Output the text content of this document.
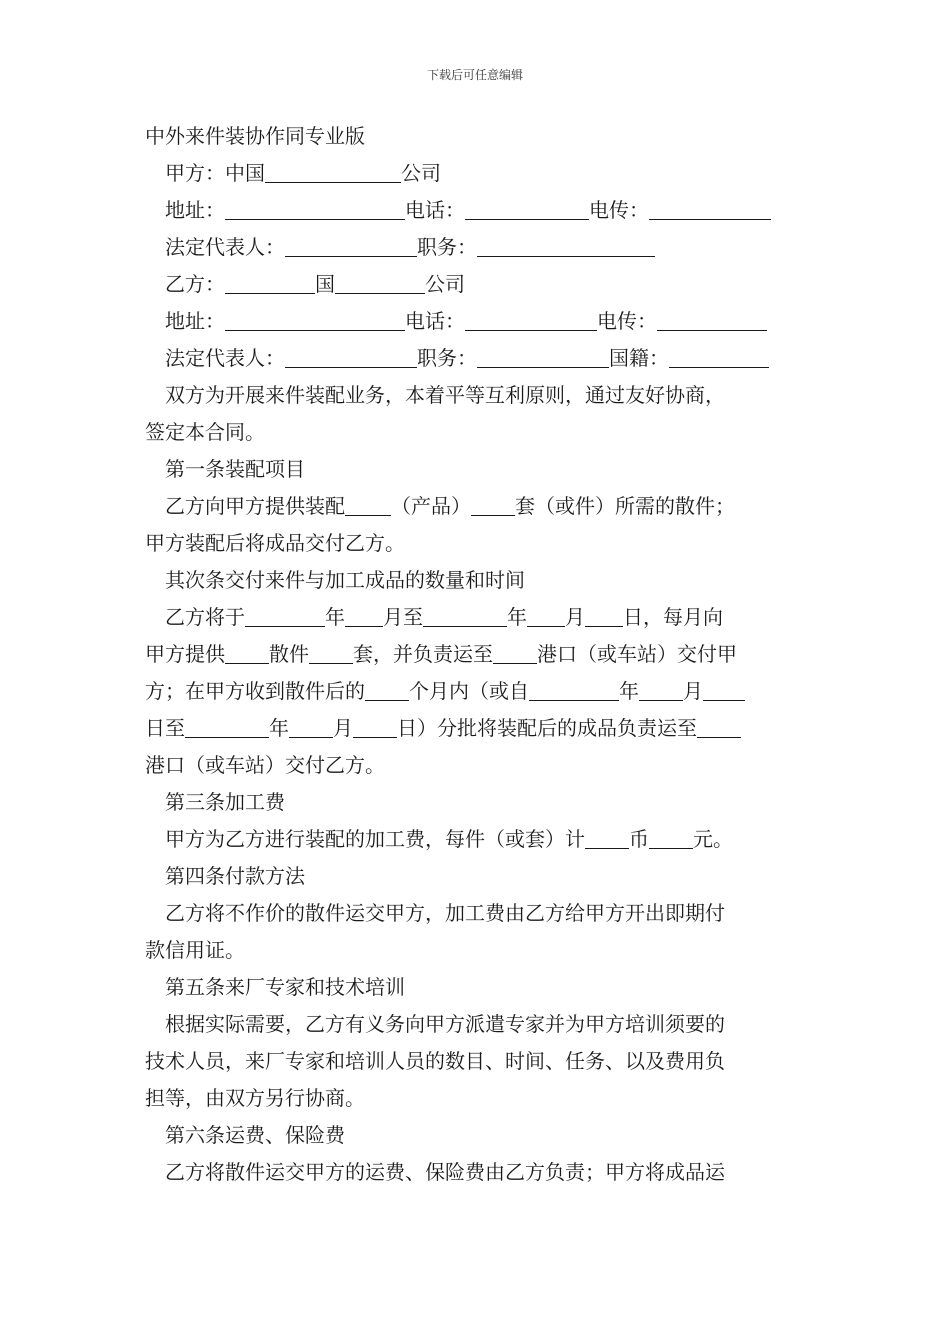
下载后可任意编辑
中外来件装协作同专业版
甲方：中国	公司
地址：	电话：	电传：
法定代表人：	职务：
乙方：	国	公司
地址：	电话：	电传：
法定代表人：	职务：	国籍：
双方为开展来件装配业务，本着平等互利原则，通过友好协商，
签定本合同。
第一条装配项目
乙方向甲方提供装配 （产品） 套（或件）所需的散件；
甲方装配后将成品交付乙方。
其次条交付来件与加工成品的数量和时间
乙方将于	年 月至	年 月 日，每月向
甲方提供 散件 套，并负责运至 港口（或车站）交付甲
方；在甲方收到散件后的 个月内（或自	年 月
日至	年 月 日）分批将装配后的成品负责运至
港口（或车站）交付乙方。
第三条加工费
甲方为乙方进行装配的加工费，每件（或套）计 币 元。
第四条付款方法
乙方将不作价的散件运交甲方，加工费由乙方给甲方开出即期付
款信用证。
第五条来厂专家和技术培训
根据实际需要，乙方有义务向甲方派遣专家并为甲方培训须要的
技术人员，来厂专家和培训人员的数目、时间、任务、以及费用负
担等，由双方另行协商。
第六条运费、保险费
乙方将散件运交甲方的运费、保险费由乙方负责；甲方将成品运
